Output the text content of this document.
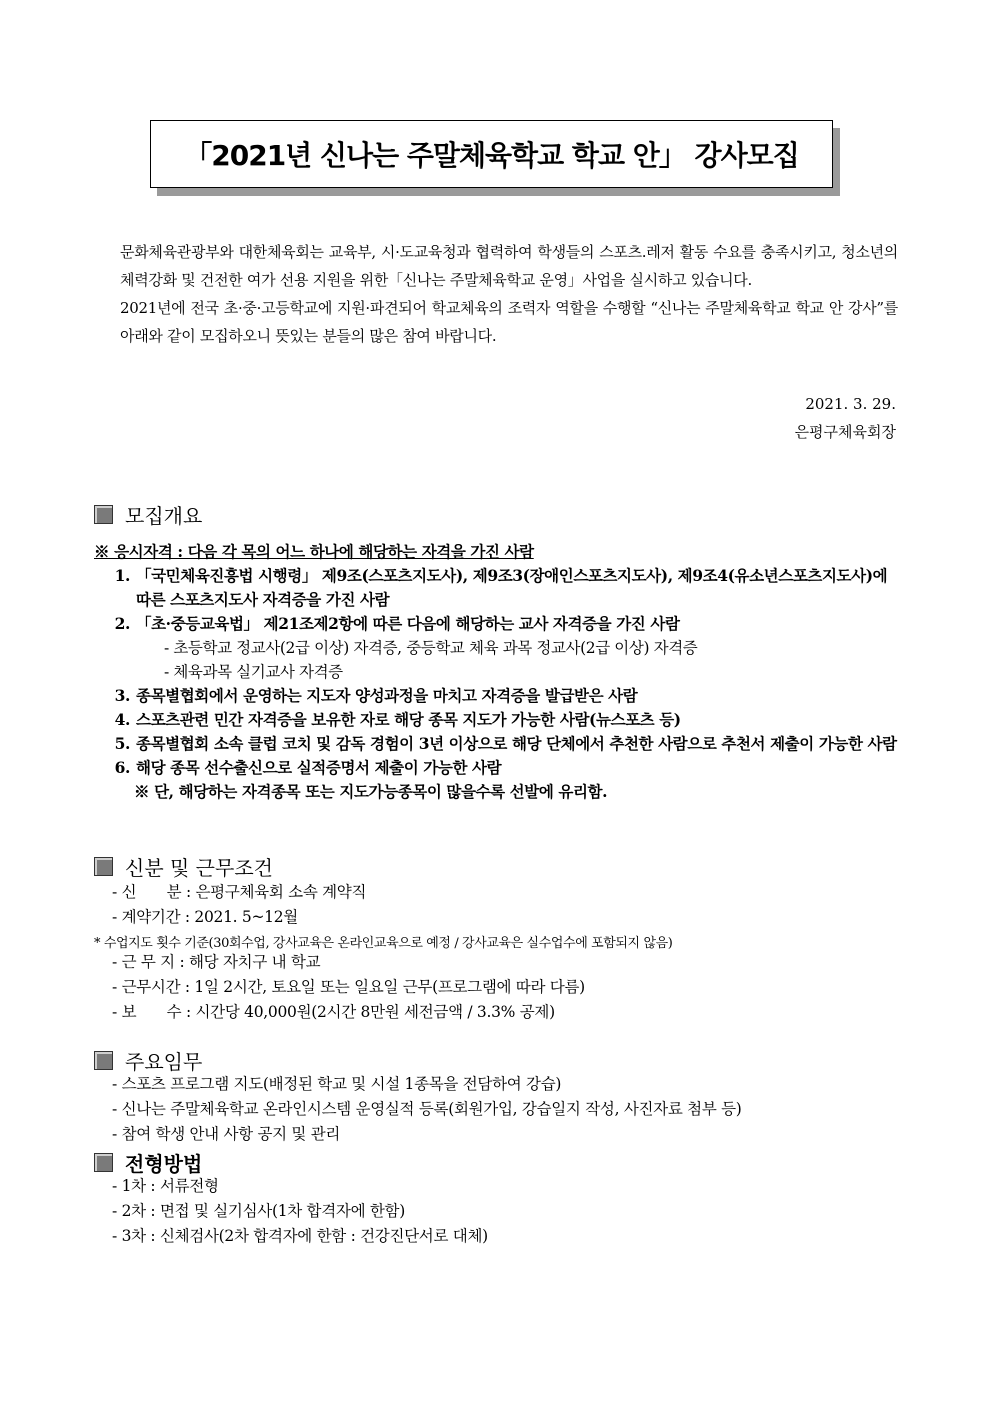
「2021년 신나는 주말체육학교 학교 안」 강사모집

문화체육관광부와 대한체육회는 교육부, 시·도교육청과 협력하여 학생들의 스포츠.레저 활동 수요를 충족시키고, 청소년의 체력강화 및 건전한 여가 선용 지원을 위한「신나는 주말체육학교 운영」사업을 실시하고 있습니다.

2021년에 전국 초·중·고등학교에 지원·파견되어 학교체육의 조력자 역할을 수행할 “신나는 주말체육학교 학교 안 강사”를 아래와 같이 모집하오니 뜻있는 분들의 많은 참여 바랍니다.

2021. 3. 29.
은평구체육회장
모집개요
※ 응시자격 : 다음 각 목의 어느 하나에 해당하는 자격을 가진 사람
1. 「국민체육진흥법 시행령」 제9조(스포츠지도사), 제9조3(장애인스포츠지도사), 제9조4(유소년스포츠지도사)에 따른 스포츠지도사 자격증을 가진 사람
2. 「초·중등교육법」 제21조제2항에 따른 다음에 해당하는 교사 자격증을 가진 사람
- 초등학교 정교사(2급 이상) 자격증, 중등학교 체육 과목 정교사(2급 이상) 자격증
- 체육과목 실기교사 자격증
3. 종목별협회에서 운영하는 지도자 양성과정을 마치고 자격증을 발급받은 사람
4. 스포츠관련 민간 자격증을 보유한 자로 해당 종목 지도가 가능한 사람(뉴스포츠 등)
5. 종목별협회 소속 클럽 코치 및 감독 경험이 3년 이상으로 해당 단체에서 추천한 사람으로 추천서 제출이 가능한 사람
6. 해당 종목 선수출신으로 실적증명서 제출이 가능한 사람
※ 단, 해당하는 자격종목 또는 지도가능종목이 많을수록 선발에 유리함.
신분 및 근무조건
- 신　　분 : 은평구체육회 소속 계약직
- 계약기간 : 2021. 5~12월
* 수업지도 횟수 기준(30회수업, 강사교육은 온라인교육으로 예정 / 강사교육은 실수업수에 포함되지 않음)
- 근 무 지 : 해당 자치구 내 학교
- 근무시간 : 1일 2시간, 토요일 또는 일요일 근무(프로그램에 따라 다름)
- 보　　수 : 시간당 40,000원(2시간 8만원 세전금액 / 3.3% 공제)
주요임무
- 스포츠 프로그램 지도(배정된 학교 및 시설 1종목을 전담하여 강습)
- 신나는 주말체육학교 온라인시스템 운영실적 등록(회원가입, 강습일지 작성, 사진자료 첨부 등)
- 참여 학생 안내 사항 공지 및 관리
전형방법
- 1차 : 서류전형
- 2차 : 면접 및 실기심사(1차 합격자에 한함)
- 3차 : 신체검사(2차 합격자에 한함 : 건강진단서로 대체)
